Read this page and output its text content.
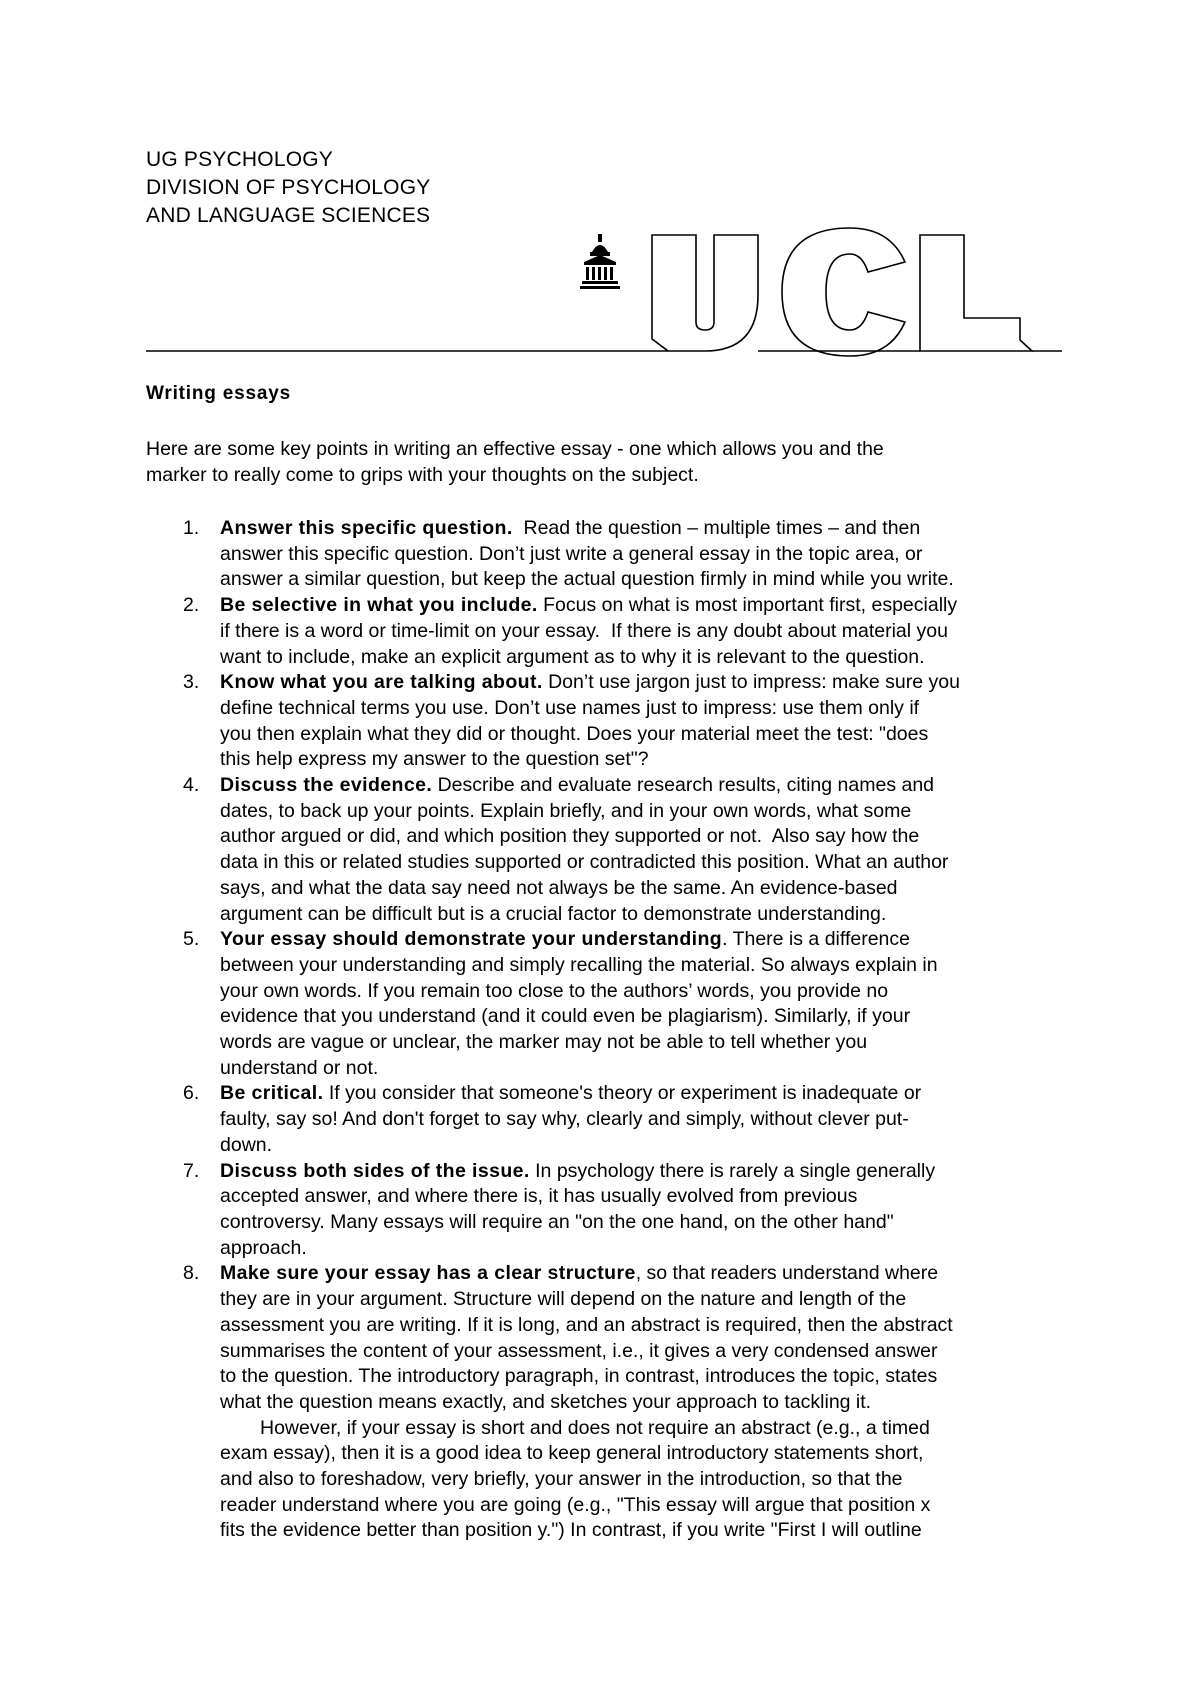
UG PSYCHOLOGY
DIVISION OF PSYCHOLOGY
AND LANGUAGE SCIENCES
UCL
Writing essays
Here are some key points in writing an effective essay - one which allows you and the
marker to really come to grips with your thoughts on the subject.
1. Answer this specific question.  Read the question – multiple times – and then
answer this specific question. Don’t just write a general essay in the topic area, or
answer a similar question, but keep the actual question firmly in mind while you write.
2. Be selective in what you include. Focus on what is most important first, especially
if there is a word or time-limit on your essay.  If there is any doubt about material you
want to include, make an explicit argument as to why it is relevant to the question.
3. Know what you are talking about. Don’t use jargon just to impress: make sure you
define technical terms you use. Don’t use names just to impress: use them only if
you then explain what they did or thought. Does your material meet the test: "does
this help express my answer to the question set"?
4. Discuss the evidence. Describe and evaluate research results, citing names and
dates, to back up your points. Explain briefly, and in your own words, what some
author argued or did, and which position they supported or not.  Also say how the
data in this or related studies supported or contradicted this position. What an author
says, and what the data say need not always be the same. An evidence-based
argument can be difficult but is a crucial factor to demonstrate understanding.
5. Your essay should demonstrate your understanding. There is a difference
between your understanding and simply recalling the material. So always explain in
your own words. If you remain too close to the authors’ words, you provide no
evidence that you understand (and it could even be plagiarism). Similarly, if your
words are vague or unclear, the marker may not be able to tell whether you
understand or not.
6. Be critical. If you consider that someone's theory or experiment is inadequate or
faulty, say so! And don't forget to say why, clearly and simply, without clever put-
down.
7. Discuss both sides of the issue. In psychology there is rarely a single generally
accepted answer, and where there is, it has usually evolved from previous
controversy. Many essays will require an "on the one hand, on the other hand"
approach.
8. Make sure your essay has a clear structure, so that readers understand where
they are in your argument. Structure will depend on the nature and length of the
assessment you are writing. If it is long, and an abstract is required, then the abstract
summarises the content of your assessment, i.e., it gives a very condensed answer
to the question. The introductory paragraph, in contrast, introduces the topic, states
what the question means exactly, and sketches your approach to tackling it.
However, if your essay is short and does not require an abstract (e.g., a timed
exam essay), then it is a good idea to keep general introductory statements short,
and also to foreshadow, very briefly, your answer in the introduction, so that the
reader understand where you are going (e.g., "This essay will argue that position x
fits the evidence better than position y.") In contrast, if you write "First I will outline
